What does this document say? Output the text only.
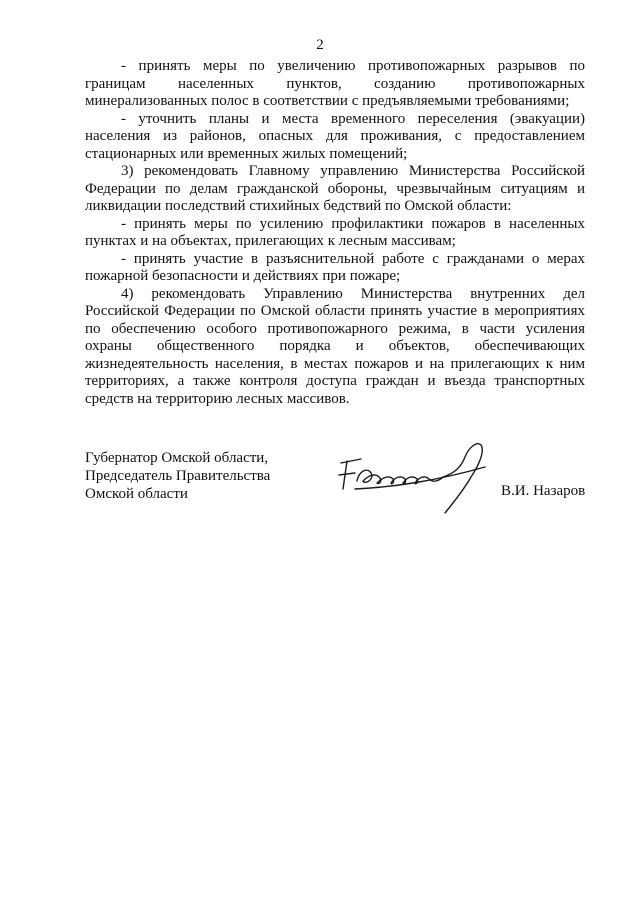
2

- принять меры по увеличению противопожарных разрывов по границам населенных пунктов, созданию противопожарных минерализованных полос в соответствии с предъявляемыми требованиями;

- уточнить планы и места временного переселения (эвакуации) населения из районов, опасных для проживания, с предоставлением стационарных или временных жилых помещений;

3) рекомендовать Главному управлению Министерства Российской Федерации по делам гражданской обороны, чрезвычайным ситуациям и ликвидации последствий стихийных бедствий по Омской области:

- принять меры по усилению профилактики пожаров в населенных пунктах и на объектах, прилегающих к лесным массивам;

- принять участие в разъяснительной работе с гражданами о мерах пожарной безопасности и действиях при пожаре;

4) рекомендовать Управлению Министерства внутренних дел Российской Федерации по Омской области принять участие в мероприятиях по обеспечению особого противопожарного режима, в части усиления охраны общественного порядка и объектов, обеспечивающих жизнедеятельность населения, в местах пожаров и на прилегающих к ним территориях, а также контроля доступа граждан и въезда транспортных средств на территорию лесных массивов.

Губернатор Омской области,
Председатель Правительства
Омской области	В.И. Назаров
